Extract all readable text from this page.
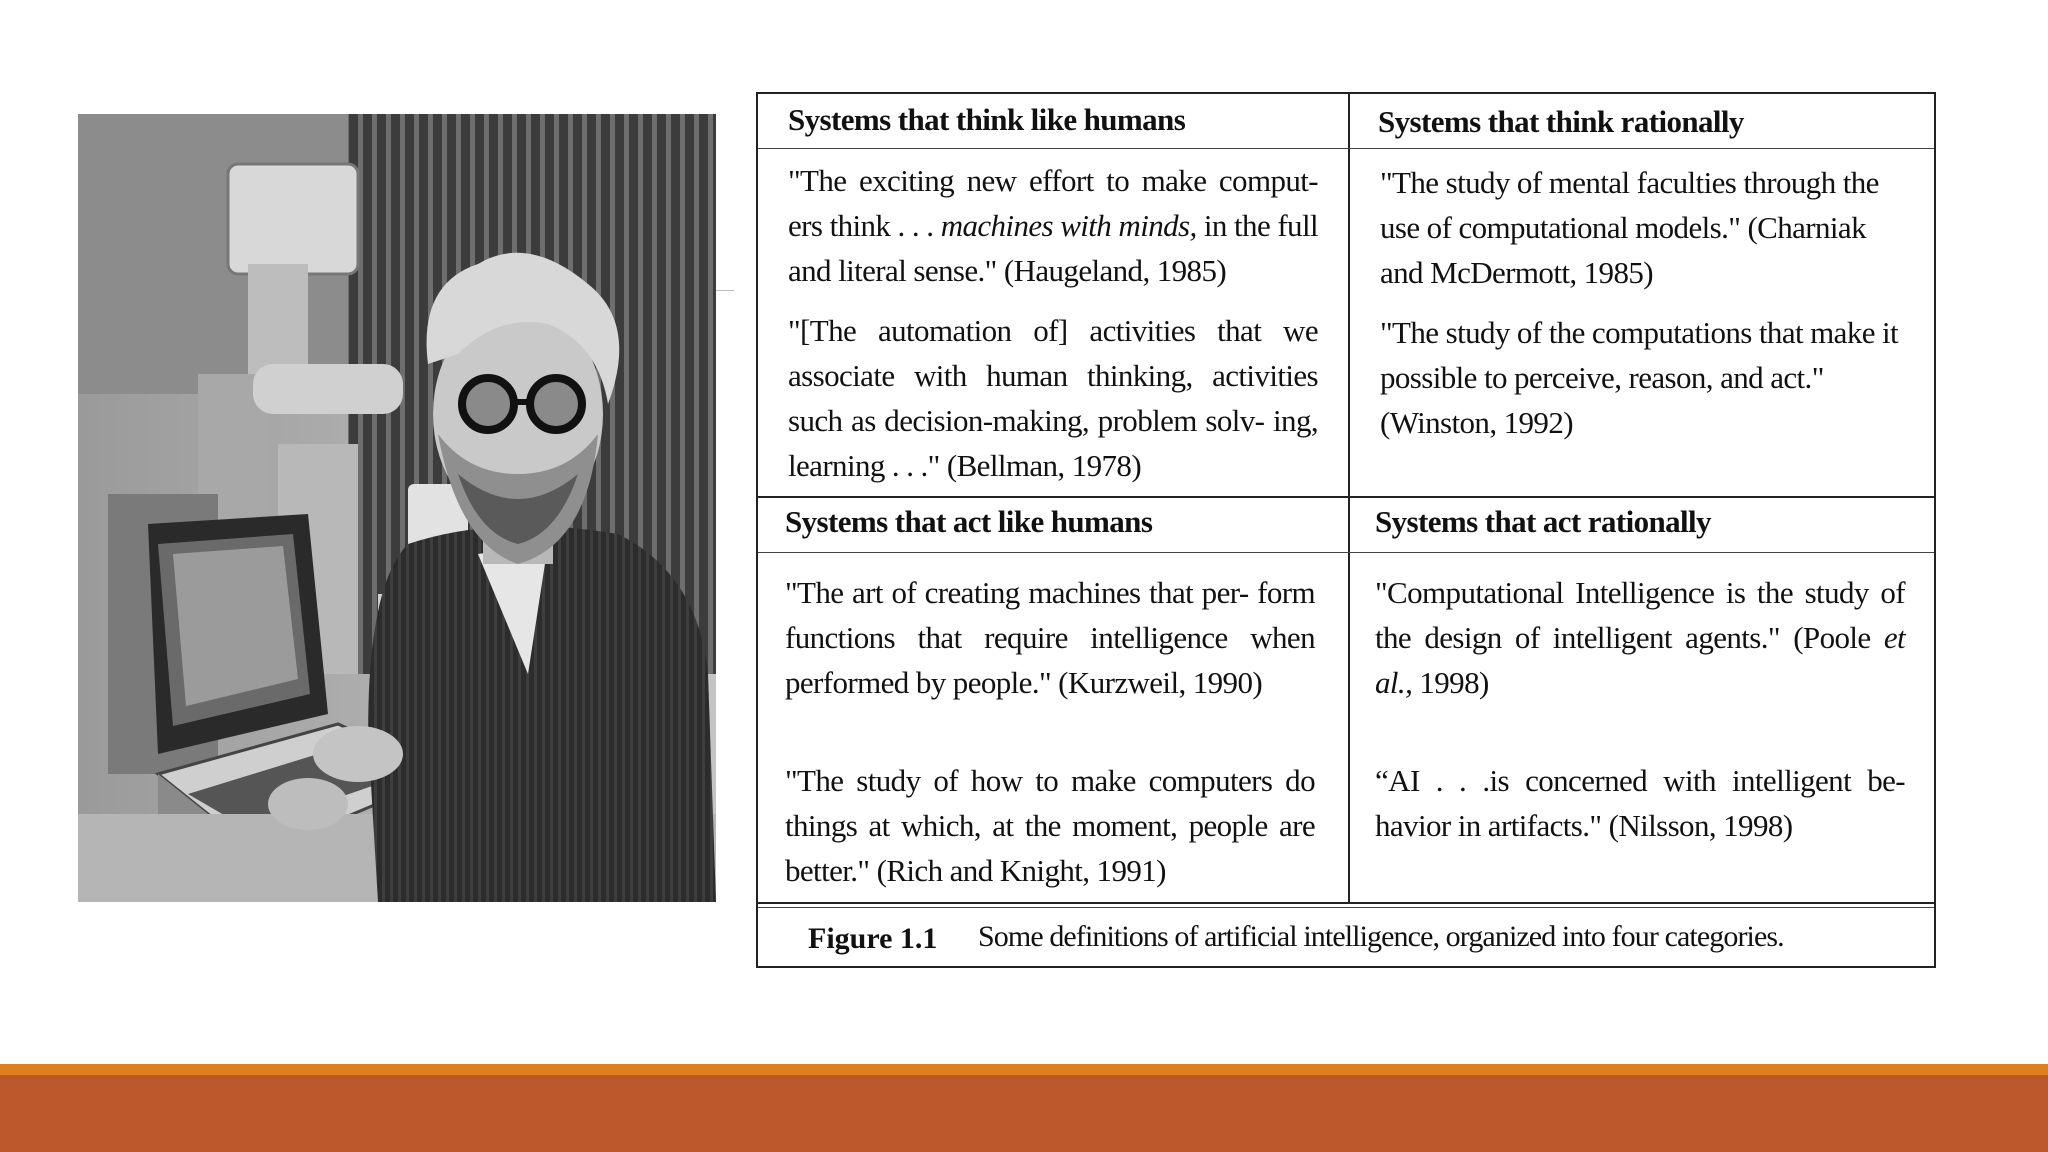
Systems that think like humans
"The exciting new effort to make comput- ers think . . . machines with minds, in the full and literal sense." (Haugeland, 1985)
"[The automation of] activities that we associate with human thinking, activities such as decision-making, problem solv- ing, learning . . ." (Bellman, 1978)
Systems that think rationally
"The study of mental faculties through the use of computational models." (Charniak and McDermott, 1985)
"The study of the computations that make it possible to perceive, reason, and act." (Winston, 1992)
Systems that act like humans
"The art of creating machines that per- form functions that require intelligence when performed by people." (Kurzweil, 1990)
"The study of how to make computers do things at which, at the moment, people are better." (Rich and Knight, 1991)
Systems that act rationally
"Computational Intelligence is the study of the design of intelligent agents." (Poole et al., 1998)
“AI . . .is concerned with intelligent be- havior in artifacts." (Nilsson, 1998)
Figure 1.1 Some definitions of artificial intelligence, organized into four categories.
